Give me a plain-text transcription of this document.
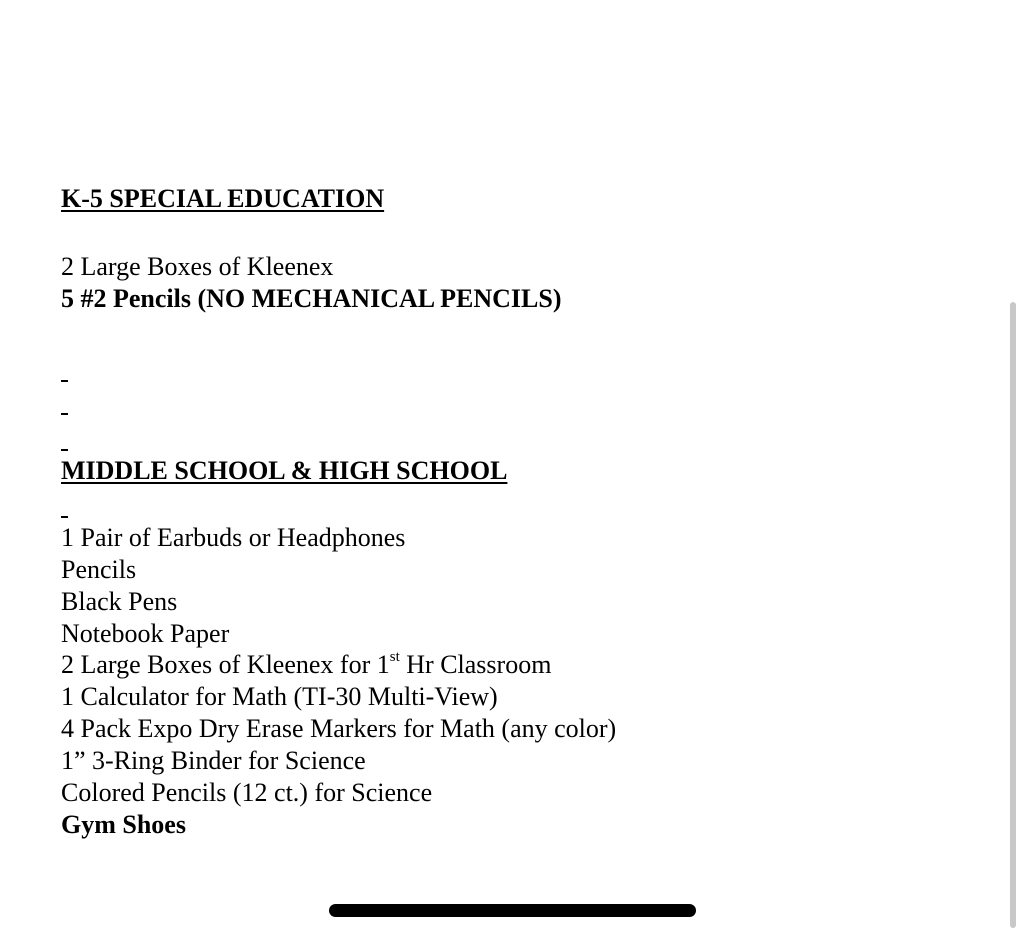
K-5 SPECIAL EDUCATION
2 Large Boxes of Kleenex
5 #2 Pencils (NO MECHANICAL PENCILS)
MIDDLE SCHOOL & HIGH SCHOOL
1 Pair of Earbuds or Headphones
Pencils
Black Pens
Notebook Paper
2 Large Boxes of Kleenex for 1st Hr Classroom
1 Calculator for Math (TI-30 Multi-View)
4 Pack Expo Dry Erase Markers for Math (any color)
1” 3-Ring Binder for Science
Colored Pencils (12 ct.) for Science
Gym Shoes
